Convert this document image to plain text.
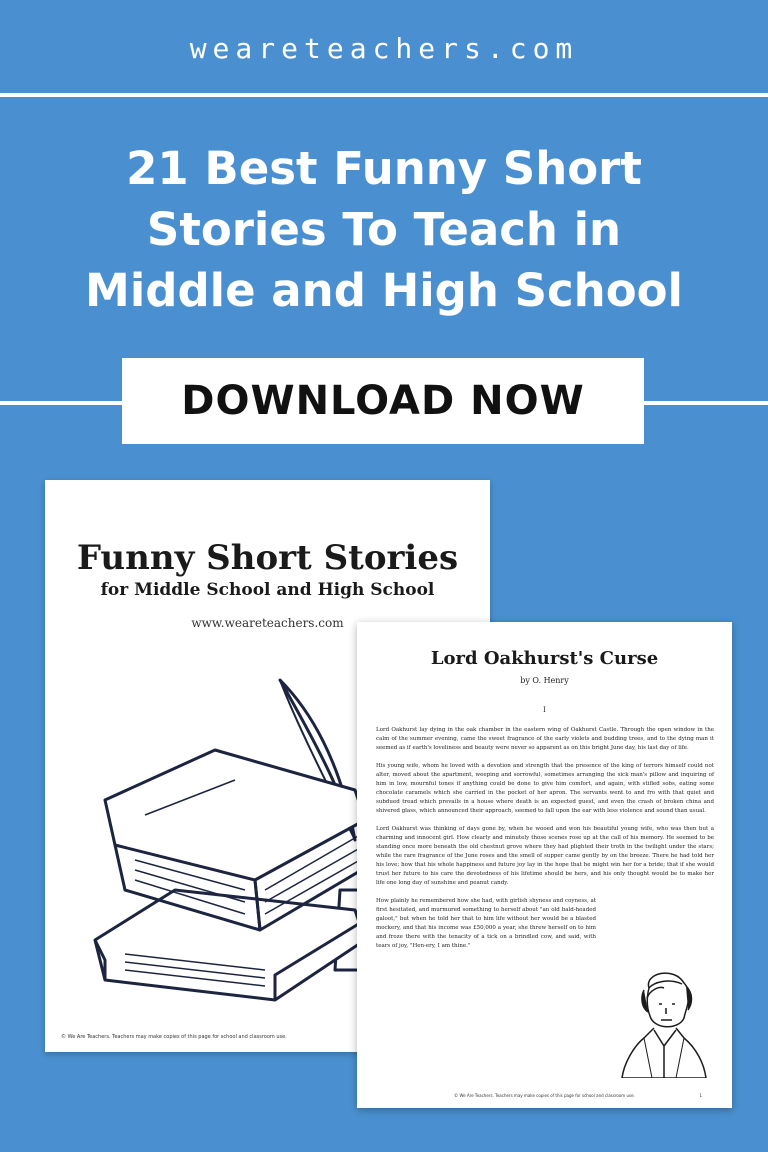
weareteachers.com
21 Best Funny Short
Stories To Teach in
Middle and High School
DOWNLOAD NOW
Funny Short Stories
for Middle School and High School
www.weareteachers.com
© We Are Teachers. Teachers may make copies of this page for school and classroom use.
Lord Oakhurst's Curse
by O. Henry
I

Lord Oakhurst lay dying in the oak chamber in the eastern wing of Oakhurst Castle. Through the open window in the calm of the summer evening, came the sweet fragrance of the early violets and budding trees, and to the dying man it seemed as if earth's loveliness and beauty were never so apparent as on this bright June day, his last day of life.

His young wife, whom he loved with a devotion and strength that the presence of the king of terrors himself could not alter, moved about the apartment, weeping and sorrowful, sometimes arranging the sick man's pillow and inquiring of him in low, mournful tones if anything could be done to give him comfort, and again, with stifled sobs, eating some chocolate caramels which she carried in the pocket of her apron. The servants went to and fro with that quiet and subdued tread which prevails in a house where death is an expected guest, and even the crash of broken china and shivered glass, which announced their approach, seemed to fall upon the ear with less violence and sound than usual.

Lord Oakhurst was thinking of days gone by, when he wooed and won his beautiful young wife, who was then but a charming and innocent girl. How clearly and minutely those scenes rose up at the call of his memory. He seemed to be standing once more beneath the old chestnut grove where they had plighted their troth in the twilight under the stars; while the rare fragrance of the June roses and the smell of supper came gently by on the breeze. There he had told her his love; how that his whole happiness and future joy lay in the hope that he might win her for a bride; that if she would trust her future to his care the devotedness of his lifetime should be hers, and his only thought would be to make her life one long day of sunshine and peanut candy.

How plainly he remembered how she had, with girlish shyness and coyness, at first hesitated, and murmured something to herself about "an old bald-headed galoot," but when he told her that to him life without her would be a blasted mockery, and that his income was £50,000 a year, she threw herself on to him and froze there with the tenacity of a tick on a brindled cow, and said, with tears of joy, "Hen-ery, I am thine."

© We Are Teachers. Teachers may make copies of this page for school and classroom use.	1
